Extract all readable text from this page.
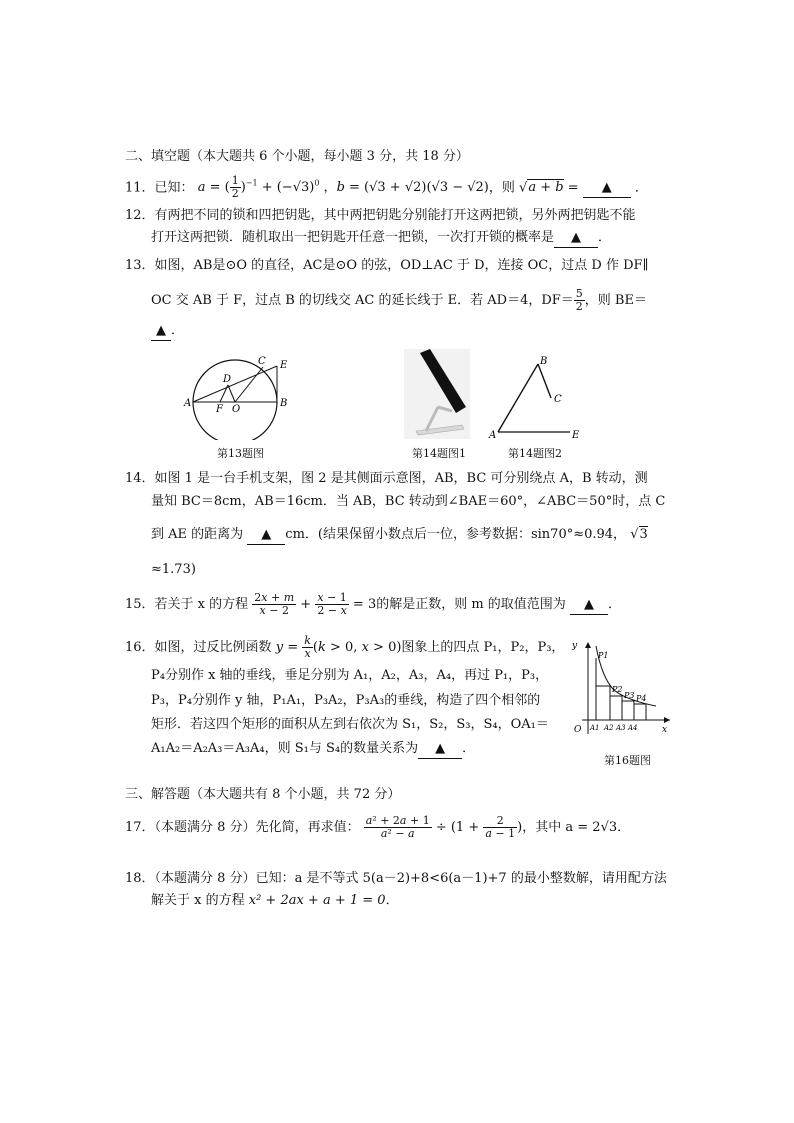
二、填空题（本大题共 6 个小题，每小题 3 分，共 18 分）
11．已知： a = ( $\frac{1}{2} )^{-1} + (-√3)^0$ ，b = (√3 + √2)(√3 − √2)，则 √a + b = ▲ ．
12．有两把不同的锁和四把钥匙，其中两把钥匙分别能打开这两把锁，另外两把钥匙不能
打开这两把锁．随机取出一把钥匙开任意一把锁，一次打开锁的概率是 ▲ ．
13．如图，AB是⊙O 的直径，AC是⊙O 的弦，OD⊥AC 于 D，连接 OC，过点 D 作 DF∥
OC 交 AB 于 F，过点 B 的切线交 AC 的延长线于 E．若 AD＝4，$DF= \frac{5}{2}$ ，则 BE＝
▲ ．
A	B
C
D
E
F O
第13题图	第14题图1
A
B
C
E
第14题图2
14．如图 1 是一台手机支架，图 2 是其侧面示意图，AB，BC 可分别绕点 A，B 转动，测
量知 BC＝8cm，AB＝16cm．当 AB，BC 转动到∠BAE＝60°，∠ABC＝50°时，点 C
到 AE 的距离为 ▲ cm．(结果保留小数点后一位，参考数据：sin70°≈0.94， √3
≈1.73)
15．若关于 x 的方程 $\frac{2x + m}{x - 2} + \frac{x - 1}{2 - x} = 3$的解是正数，则 m 的取值范围为 ▲ ．
16．如图，过反比例函数 $y = \frac{k}{x} (k > 0$, x > 0)图象上的四点 P₁，P₂，P₃，
P₄分别作 x 轴的垂线，垂足分别为 A₁，A₂，A₃，A₄，再过 P₁，P₃，
P₃，P₄分别作 y 轴，P₁A₁，P₃A₂，P₃A₃的垂线，构造了四个相邻的
矩形．若这四个矩形的面积从左到右依次为 S₁，S₂，S₃，S₄，OA₁＝
A₁A₂＝A₂A₃＝A₃A₄，则 S₁与 S₄的数量关系为 ▲ ．
y
x
O
P1
P2
P3 P4
A1 A2 A3 A4
第16题图
三、解答题（本大题共有 8 个小题，共 72 分）
17．（本题满分 8 分）先化简，再求值： $\frac{\text{a² + 2a + 1}}{\text{a² − a}} \div (1 + \frac{2}{a - 1}$ )，其中 a = 2√3．
18．（本题满分 8 分）已知：a 是不等式 5(a－2)+8<6(a－1)+7 的最小整数解，请用配方法
解关于 x 的方程 x² + 2ax + a + 1 = 0．
